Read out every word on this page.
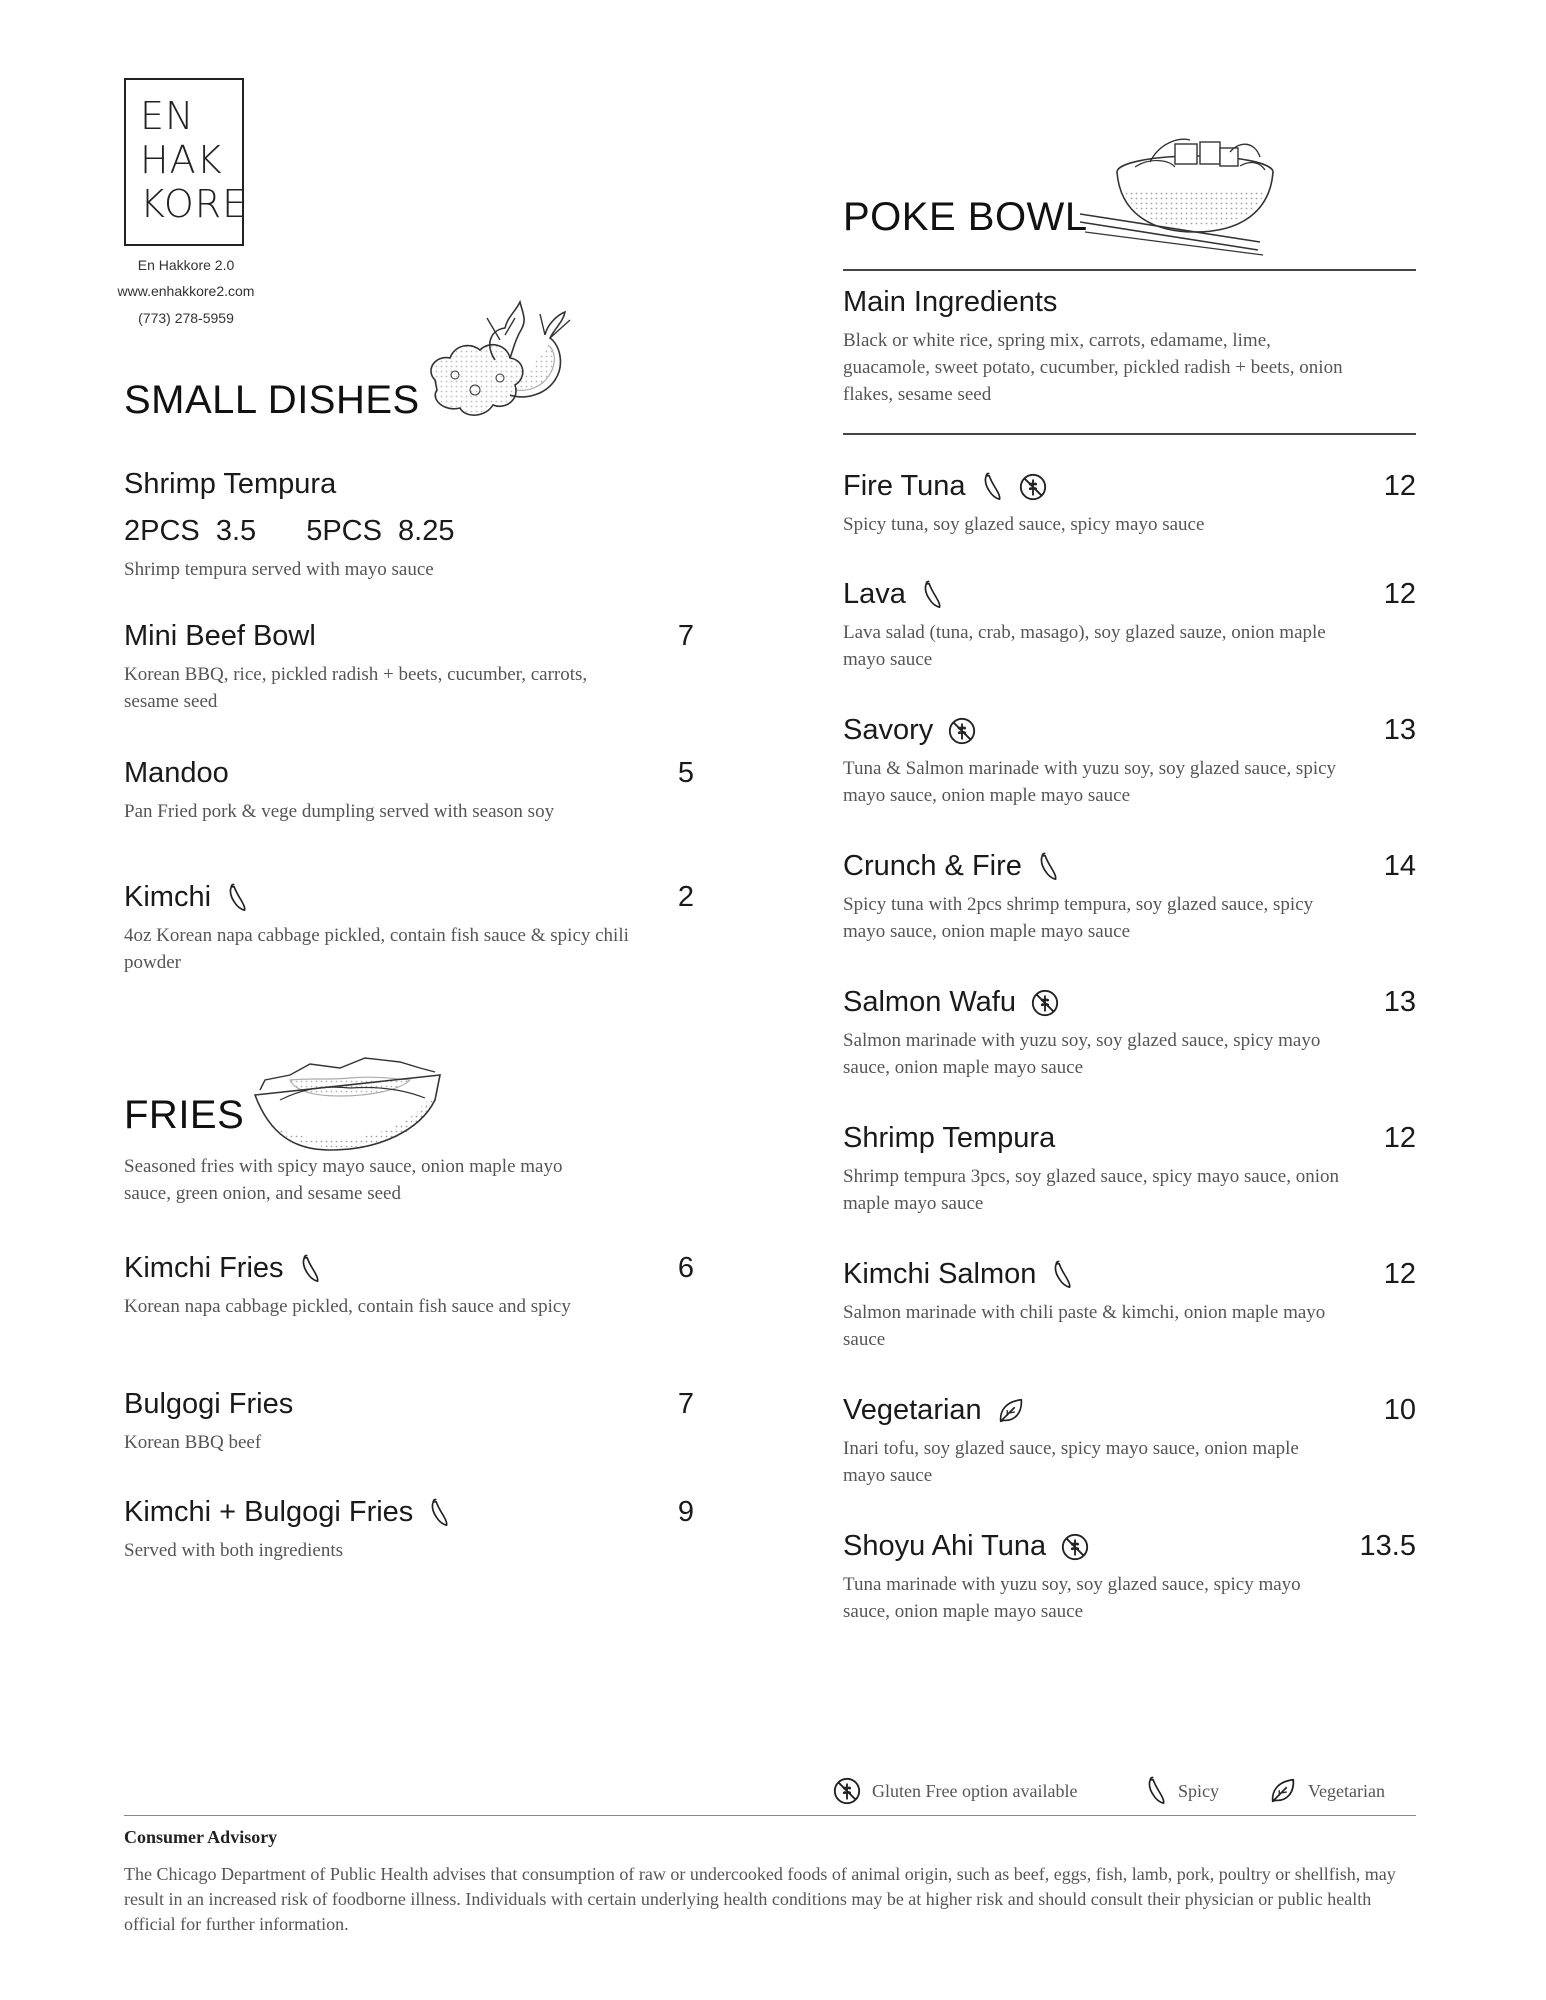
EN
HAK
KORE
En Hakkore 2.0
www.enhakkore2.com
(773) 278-5959
SMALL DISHES
Shrimp Tempura
2PCS  3.5 5PCS  8.25
Shrimp tempura served with mayo sauce
Mini Beef Bowl	7
Korean BBQ, rice, pickled radish + beets, cucumber, carrots, sesame seed
Mandoo	5
Pan Fried pork & vege dumpling served with season soy
Kimchi	2
4oz Korean napa cabbage pickled, contain fish sauce & spicy chili powder
FRIES
Seasoned fries with spicy mayo sauce, onion maple mayo sauce, green onion, and sesame seed
Kimchi Fries	6
Korean napa cabbage pickled, contain fish sauce and spicy
Bulgogi Fries	7
Korean BBQ beef
Kimchi + Bulgogi Fries	9
Served with both ingredients
POKE BOWL
Main Ingredients
Black or white rice, spring mix, carrots, edamame, lime, guacamole, sweet potato, cucumber, pickled radish + beets, onion flakes, sesame seed
Fire Tuna	12
Spicy tuna, soy glazed sauce, spicy mayo sauce
Lava	12
Lava salad (tuna, crab, masago), soy glazed sauze, onion maple mayo sauce
Savory	13
Tuna & Salmon marinade with yuzu soy, soy glazed sauce, spicy mayo sauce, onion maple mayo sauce
Crunch & Fire	14
Spicy tuna with 2pcs shrimp tempura, soy glazed sauce, spicy mayo sauce, onion maple mayo sauce
Salmon Wafu	13
Salmon marinade with yuzu soy, soy glazed sauce, spicy mayo sauce, onion maple mayo sauce
Shrimp Tempura	12
Shrimp tempura 3pcs, soy glazed sauce, spicy mayo sauce, onion maple mayo sauce
Kimchi Salmon	12
Salmon marinade with chili paste & kimchi, onion maple mayo sauce
Vegetarian	10
Inari tofu, soy glazed sauce, spicy mayo sauce, onion maple mayo sauce
Shoyu Ahi Tuna	13.5
Tuna marinade with yuzu soy, soy glazed sauce, spicy mayo sauce, onion maple mayo sauce
Gluten Free option available	Spicy	Vegetarian
Consumer Advisory
The Chicago Department of Public Health advises that consumption of raw or undercooked foods of animal origin, such as beef, eggs, fish, lamb, pork, poultry or shellfish, may result in an increased risk of foodborne illness. Individuals with certain underlying health conditions may be at higher risk and should consult their physician or public health official for further information.
